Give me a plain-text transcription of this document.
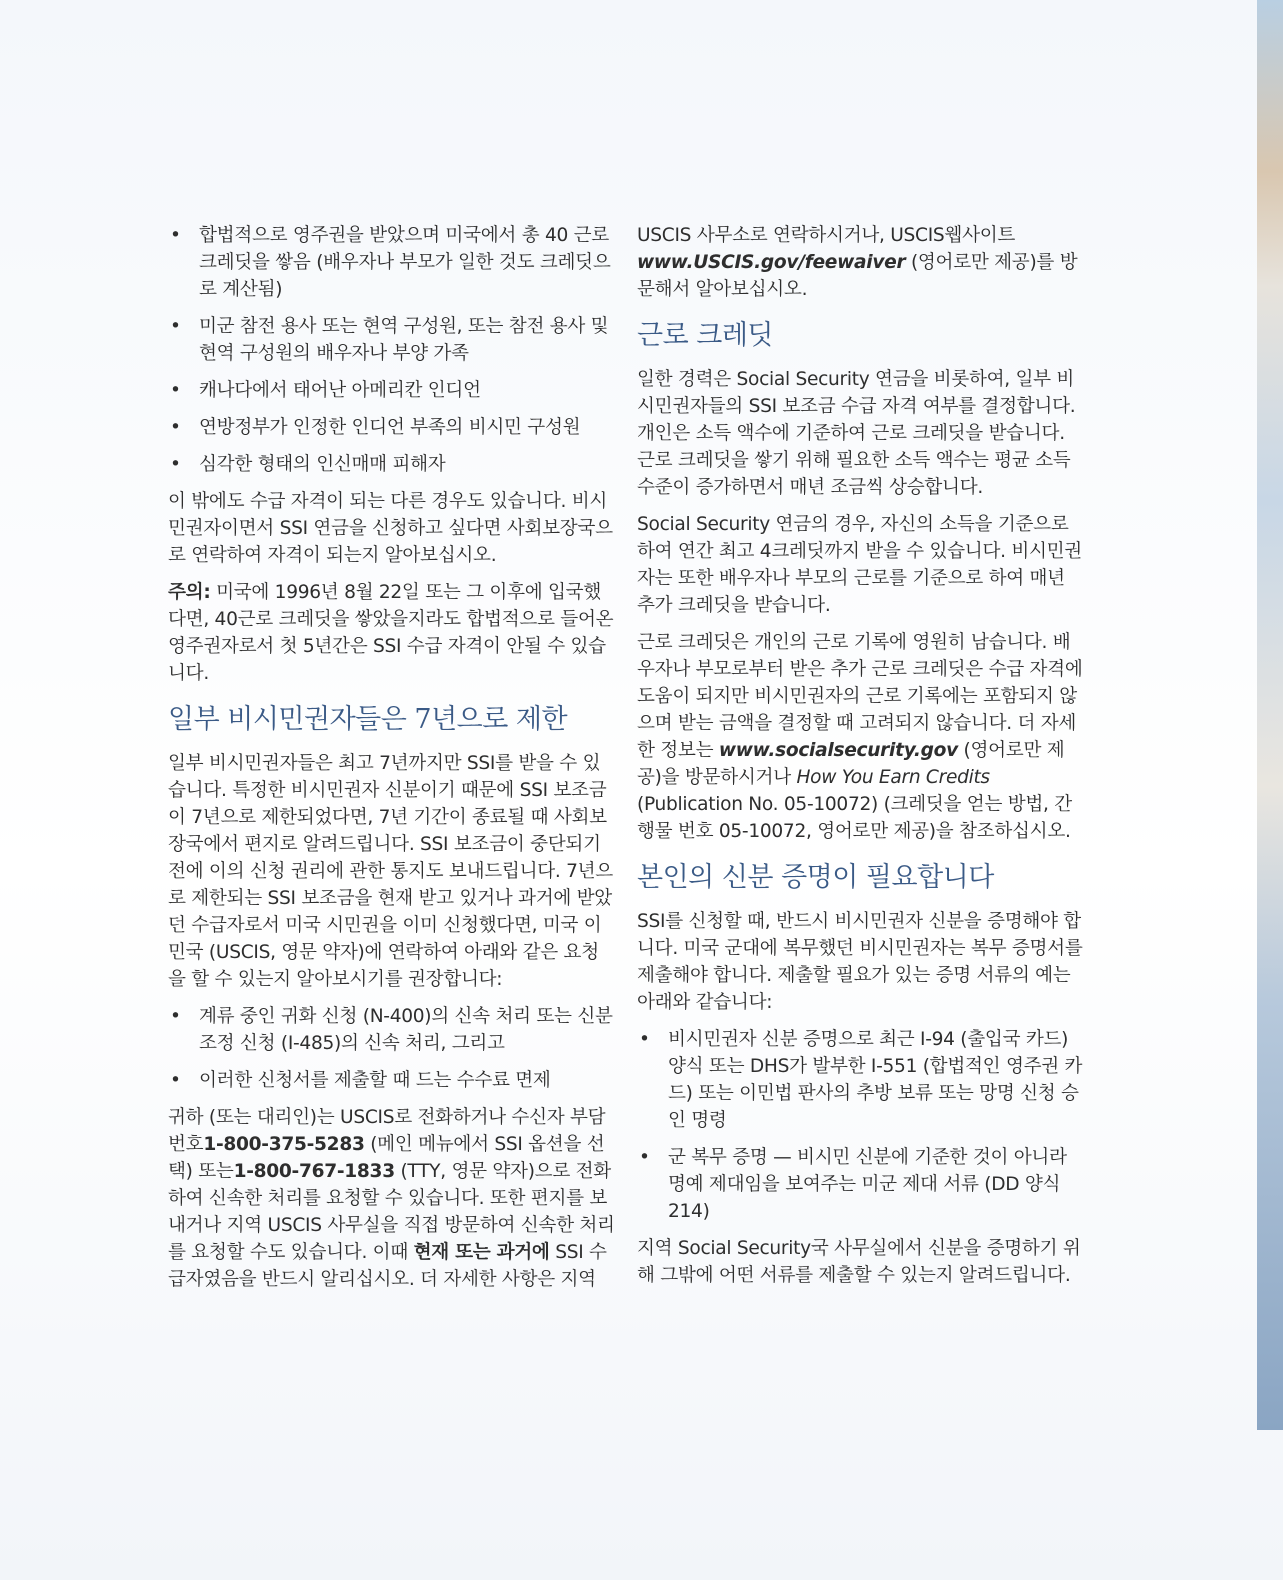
• 합법적으로 영주권을 받았으며 미국에서 총 40 근로 크레딧을 쌓음 (배우자나 부모가 일한 것도 크레딧으로 계산됨)
• 미군 참전 용사 또는 현역 구성원, 또는 참전 용사 및 현역 구성원의 배우자나 부양 가족
• 캐나다에서 태어난 아메리칸 인디언
• 연방정부가 인정한 인디언 부족의 비시민 구성원
• 심각한 형태의 인신매매 피해자

이 밖에도 수급 자격이 되는 다른 경우도 있습니다. 비시민권자이면서 SSI 연금을 신청하고 싶다면 사회보장국으로 연락하여 자격이 되는지 알아보십시오.

주의: 미국에 1996년 8월 22일 또는 그 이후에 입국했다면, 40근로 크레딧을 쌓았을지라도 합법적으로 들어온 영주권자로서 첫 5년간은 SSI 수급 자격이 안될 수 있습니다.

일부 비시민권자들은 7년으로 제한

일부 비시민권자들은 최고 7년까지만 SSI를 받을 수 있습니다. 특정한 비시민권자 신분이기 때문에 SSI 보조금이 7년으로 제한되었다면, 7년 기간이 종료될 때 사회보장국에서 편지로 알려드립니다. SSI 보조금이 중단되기 전에 이의 신청 권리에 관한 통지도 보내드립니다. 7년으로 제한되는 SSI 보조금을 현재 받고 있거나 과거에 받았던 수급자로서 미국 시민권을 이미 신청했다면, 미국 이민국 (USCIS, 영문 약자)에 연락하여 아래와 같은 요청을 할 수 있는지 알아보시기를 권장합니다:

• 계류 중인 귀화 신청 (N-400)의 신속 처리 또는 신분 조정 신청 (I-485)의 신속 처리, 그리고
• 이러한 신청서를 제출할 때 드는 수수료 면제

귀하 (또는 대리인)는 USCIS로 전화하거나 수신자 부담 번호1-800-375-5283 (메인 메뉴에서 SSI 옵션을 선택) 또는1-800-767-1833 (TTY, 영문 약자)으로 전화하여 신속한 처리를 요청할 수 있습니다. 또한 편지를 보내거나 지역 USCIS 사무실을 직접 방문하여 신속한 처리를 요청할 수도 있습니다. 이때 현재 또는 과거에 SSI 수급자였음을 반드시 알리십시오. 더 자세한 사항은 지역

USCIS 사무소로 연락하시거나, USCIS웹사이트 www.USCIS.gov/feewaiver (영어로만 제공)를 방문해서 알아보십시오.

근로 크레딧

일한 경력은 Social Security 연금을 비롯하여, 일부 비시민권자들의 SSI 보조금 수급 자격 여부를 결정합니다. 개인은 소득 액수에 기준하여 근로 크레딧을 받습니다. 근로 크레딧을 쌓기 위해 필요한 소득 액수는 평균 소득 수준이 증가하면서 매년 조금씩 상승합니다.

Social Security 연금의 경우, 자신의 소득을 기준으로 하여 연간 최고 4크레딧까지 받을 수 있습니다. 비시민권자는 또한 배우자나 부모의 근로를 기준으로 하여 매년 추가 크레딧을 받습니다.

근로 크레딧은 개인의 근로 기록에 영원히 남습니다. 배우자나 부모로부터 받은 추가 근로 크레딧은 수급 자격에 도움이 되지만 비시민권자의 근로 기록에는 포함되지 않으며 받는 금액을 결정할 때 고려되지 않습니다. 더 자세한 정보는 www.socialsecurity.gov (영어로만 제공)을 방문하시거나 How You Earn Credits (Publication No. 05-10072) (크레딧을 얻는 방법, 간행물 번호 05-10072, 영어로만 제공)을 참조하십시오.

본인의 신분 증명이 필요합니다

SSI를 신청할 때, 반드시 비시민권자 신분을 증명해야 합니다. 미국 군대에 복무했던 비시민권자는 복무 증명서를 제출해야 합니다. 제출할 필요가 있는 증명 서류의 예는 아래와 같습니다:

• 비시민권자 신분 증명으로 최근 I-94 (출입국 카드) 양식 또는 DHS가 발부한 I-551 (합법적인 영주권 카드) 또는 이민법 판사의 추방 보류 또는 망명 신청 승인 명령
• 군 복무 증명 — 비시민 신분에 기준한 것이 아니라 명예 제대임을 보여주는 미군 제대 서류 (DD 양식 214)

지역 Social Security국 사무실에서 신분을 증명하기 위해 그밖에 어떤 서류를 제출할 수 있는지 알려드립니다.
